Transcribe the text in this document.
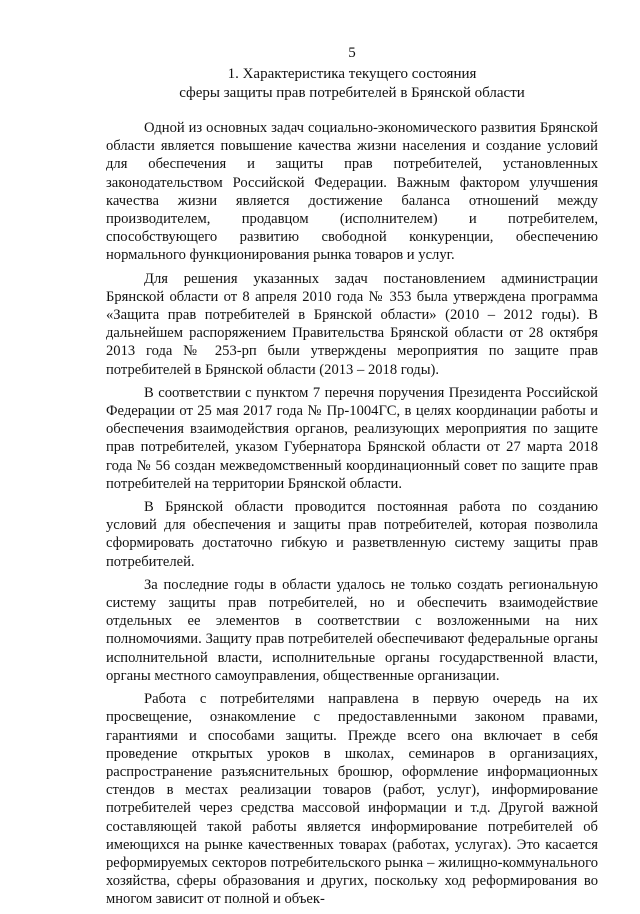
5
1. Характеристика текущего состояния
сферы защиты прав потребителей в Брянской области

Одной из основных задач социально-экономического развития Брянской области является повышение качества жизни населения и создание условий для обеспечения и защиты прав потребителей, установленных законодательством Российской Федерации. Важным фактором улучшения качества жизни является достижение баланса отношений между производителем, продавцом (исполнителем) и потребителем, способствующего развитию свободной конкуренции, обеспечению нормального функционирования рынка товаров и услуг.

Для решения указанных задач постановлением администрации Брянской области от 8 апреля 2010 года № 353 была утверждена программа «Защита прав потребителей в Брянской области» (2010 – 2012 годы). В дальнейшем распоряжением Правительства Брянской области от 28 октября 2013 года № 253-рп были утверждены мероприятия по защите прав потребителей в Брянской области (2013 – 2018 годы).

В соответствии с пунктом 7 перечня поручения Президента Российской Федерации от 25 мая 2017 года № Пр-1004ГС, в целях координации работы и обеспечения взаимодействия органов, реализующих мероприятия по защите прав потребителей, указом Губернатора Брянской области от 27 марта 2018 года № 56 создан межведомственный координационный совет по защите прав потребителей на территории Брянской области.

В Брянской области проводится постоянная работа по созданию условий для обеспечения и защиты прав потребителей, которая позволила сформировать достаточно гибкую и разветвленную систему защиты прав потребителей.

За последние годы в области удалось не только создать региональную систему защиты прав потребителей, но и обеспечить взаимодействие отдельных ее элементов в соответствии с возложенными на них полномочиями. Защиту прав потребителей обеспечивают федеральные органы исполнительной власти, исполнительные органы государственной власти, органы местного самоуправления, общественные организации.

Работа с потребителями направлена в первую очередь на их просвещение, ознакомление с предоставленными законом правами, гарантиями и способами защиты. Прежде всего она включает в себя проведение открытых уроков в школах, семинаров в организациях, распространение разъяснительных брошюр, оформление информационных стендов в местах реализации товаров (работ, услуг), информирование потребителей через средства массовой информации и т.д. Другой важной составляющей такой работы является информирование потребителей об имеющихся на рынке качественных товарах (работах, услугах). Это касается реформируемых секторов потребительского рынка – жилищно-коммунального хозяйства, сферы образования и других, поскольку ход реформирования во многом зависит от полной и объек-
